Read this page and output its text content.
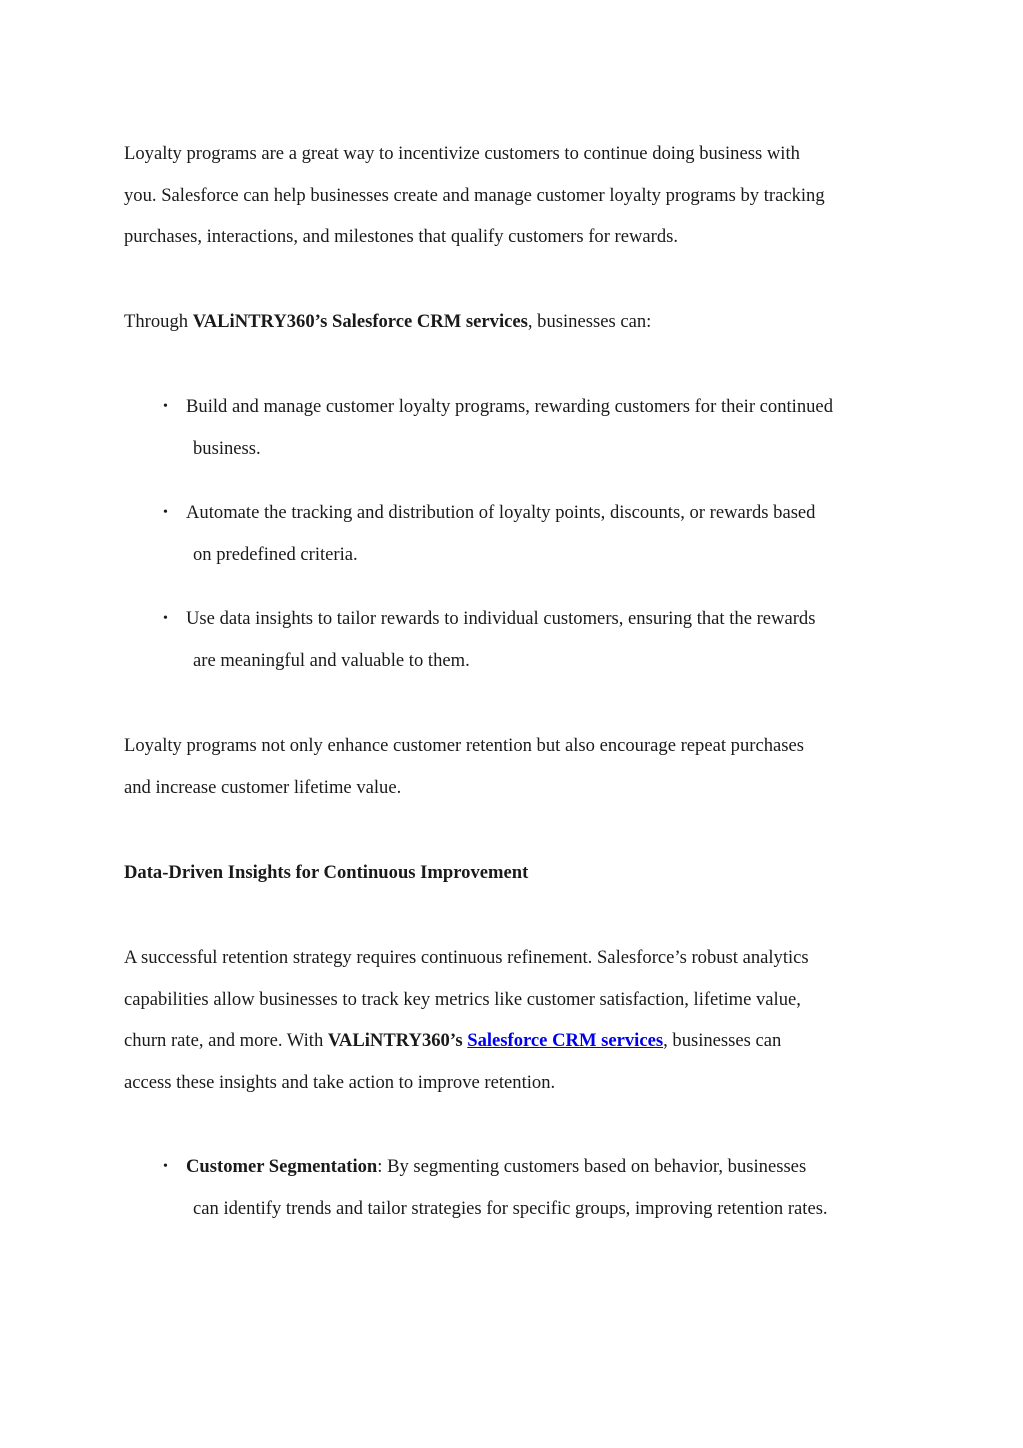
Loyalty programs are a great way to incentivize customers to continue doing business with
you. Salesforce can help businesses create and manage customer loyalty programs by tracking
purchases, interactions, and milestones that qualify customers for rewards.
Through VALiNTRY360’s Salesforce CRM services, businesses can:
• Build and manage customer loyalty programs, rewarding customers for their continued
business.
• Automate the tracking and distribution of loyalty points, discounts, or rewards based
on predefined criteria.
• Use data insights to tailor rewards to individual customers, ensuring that the rewards
are meaningful and valuable to them.
Loyalty programs not only enhance customer retention but also encourage repeat purchases
and increase customer lifetime value.
Data-Driven Insights for Continuous Improvement
A successful retention strategy requires continuous refinement. Salesforce’s robust analytics
capabilities allow businesses to track key metrics like customer satisfaction, lifetime value,
churn rate, and more. With VALiNTRY360’s Salesforce CRM services, businesses can
access these insights and take action to improve retention.
• Customer Segmentation: By segmenting customers based on behavior, businesses
can identify trends and tailor strategies for specific groups, improving retention rates.
